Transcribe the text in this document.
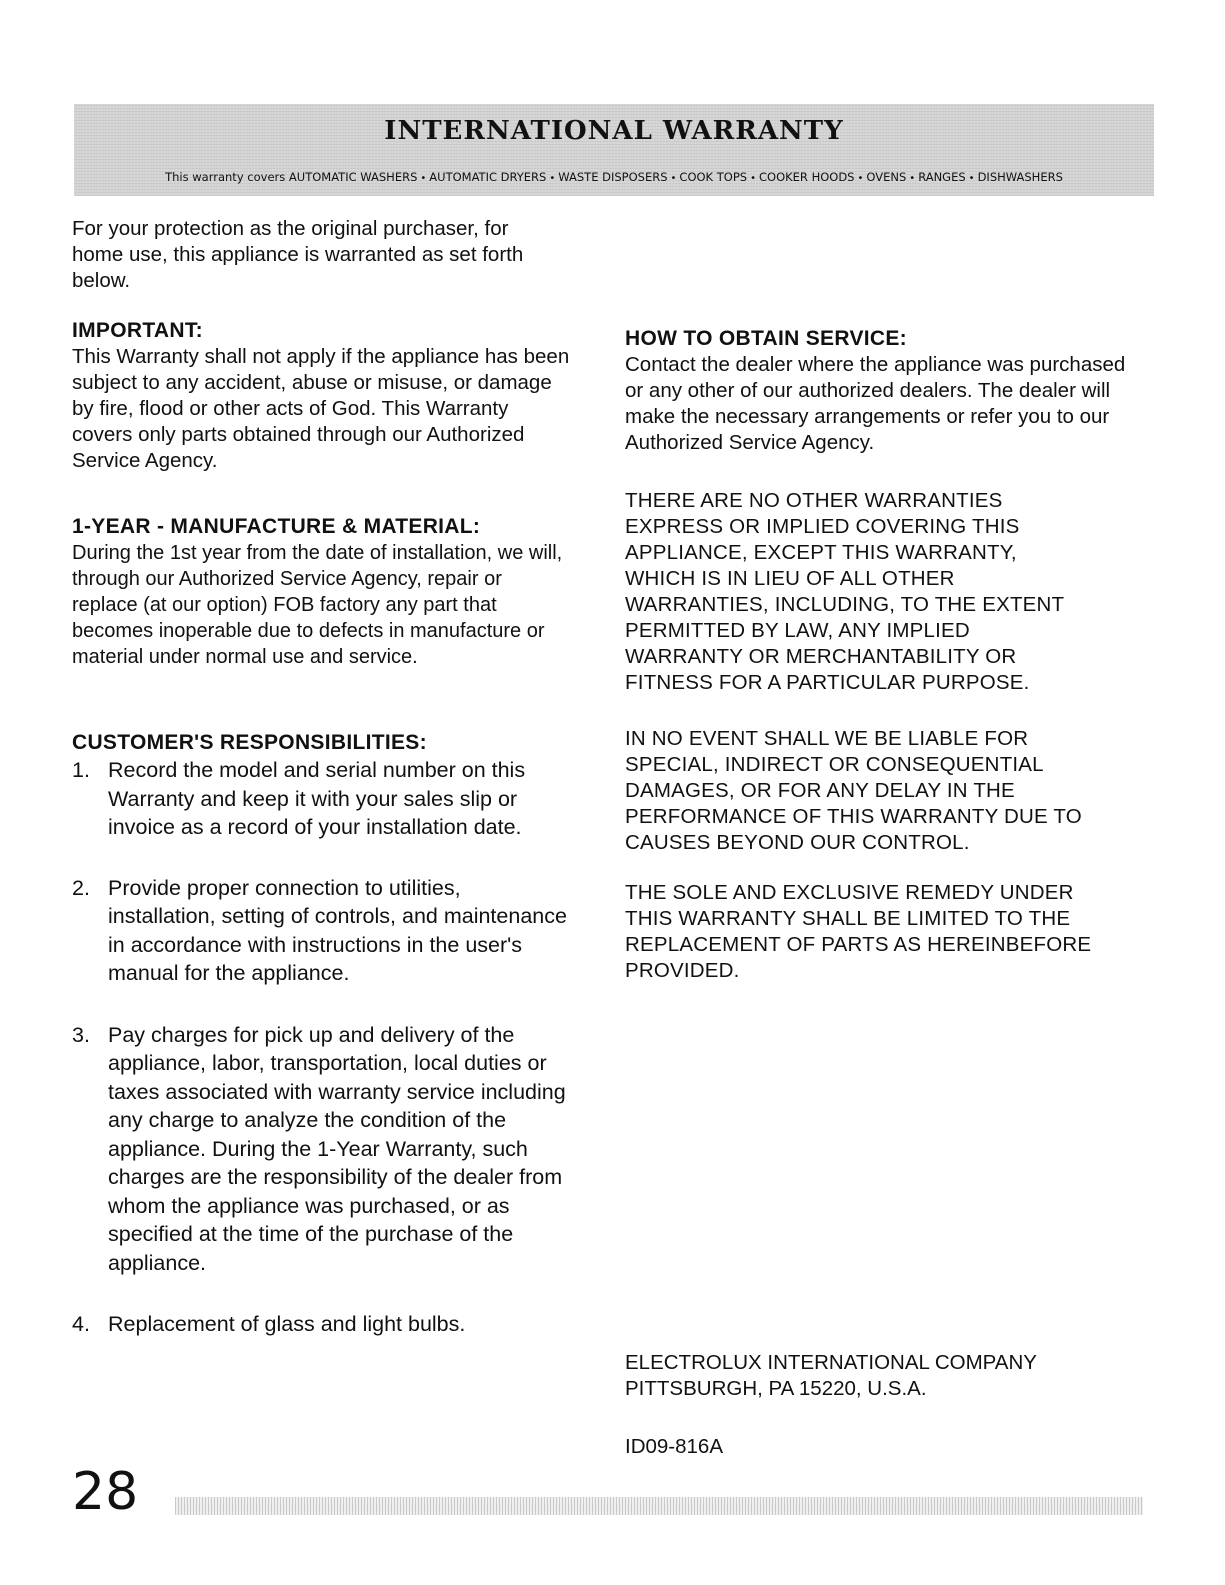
INTERNATIONAL WARRANTY
This warranty covers AUTOMATIC WASHERS • AUTOMATIC DRYERS • WASTE DISPOSERS • COOK TOPS • COOKER HOODS • OVENS • RANGES • DISHWASHERS

For your protection as the original purchaser, for home use, this appliance is warranted as set forth below.

IMPORTANT:

This Warranty shall not apply if the appliance has been subject to any accident, abuse or misuse, or damage by fire, flood or other acts of God. This Warranty covers only parts obtained through our Authorized Service Agency.

1-YEAR - MANUFACTURE & MATERIAL:

During the 1st year from the date of installation, we will, through our Authorized Service Agency, repair or replace (at our option) FOB factory any part that becomes inoperable due to defects in manufacture or material under normal use and service.

CUSTOMER'S RESPONSIBILITIES:
1. Record the model and serial number on this Warranty and keep it with your sales slip or invoice as a record of your installation date.
2. Provide proper connection to utilities, installation, setting of controls, and maintenance in accordance with instructions in the user's manual for the appliance.
3. Pay charges for pick up and delivery of the appliance, labor, transportation, local duties or taxes associated with warranty service including any charge to analyze the condition of the appliance. During the 1-Year Warranty, such charges are the responsibility of the dealer from whom the appliance was purchased, or as specified at the time of the purchase of the appliance.
4. Replacement of glass and light bulbs.
HOW TO OBTAIN SERVICE:

Contact the dealer where the appliance was purchased or any other of our authorized dealers. The dealer will make the necessary arrangements or refer you to our Authorized Service Agency.

THERE ARE NO OTHER WARRANTIES EXPRESS OR IMPLIED COVERING THIS APPLIANCE, EXCEPT THIS WARRANTY, WHICH IS IN LIEU OF ALL OTHER WARRANTIES, INCLUDING, TO THE EXTENT PERMITTED BY LAW, ANY IMPLIED WARRANTY OR MERCHANTABILITY OR FITNESS FOR A PARTICULAR PURPOSE.

IN NO EVENT SHALL WE BE LIABLE FOR SPECIAL, INDIRECT OR CONSEQUENTIAL DAMAGES, OR FOR ANY DELAY IN THE PERFORMANCE OF THIS WARRANTY DUE TO CAUSES BEYOND OUR CONTROL.

THE SOLE AND EXCLUSIVE REMEDY UNDER THIS WARRANTY SHALL BE LIMITED TO THE REPLACEMENT OF PARTS AS HEREINBEFORE PROVIDED.

ELECTROLUX INTERNATIONAL COMPANY

PITTSBURGH, PA 15220, U.S.A.

ID09-816A

28
